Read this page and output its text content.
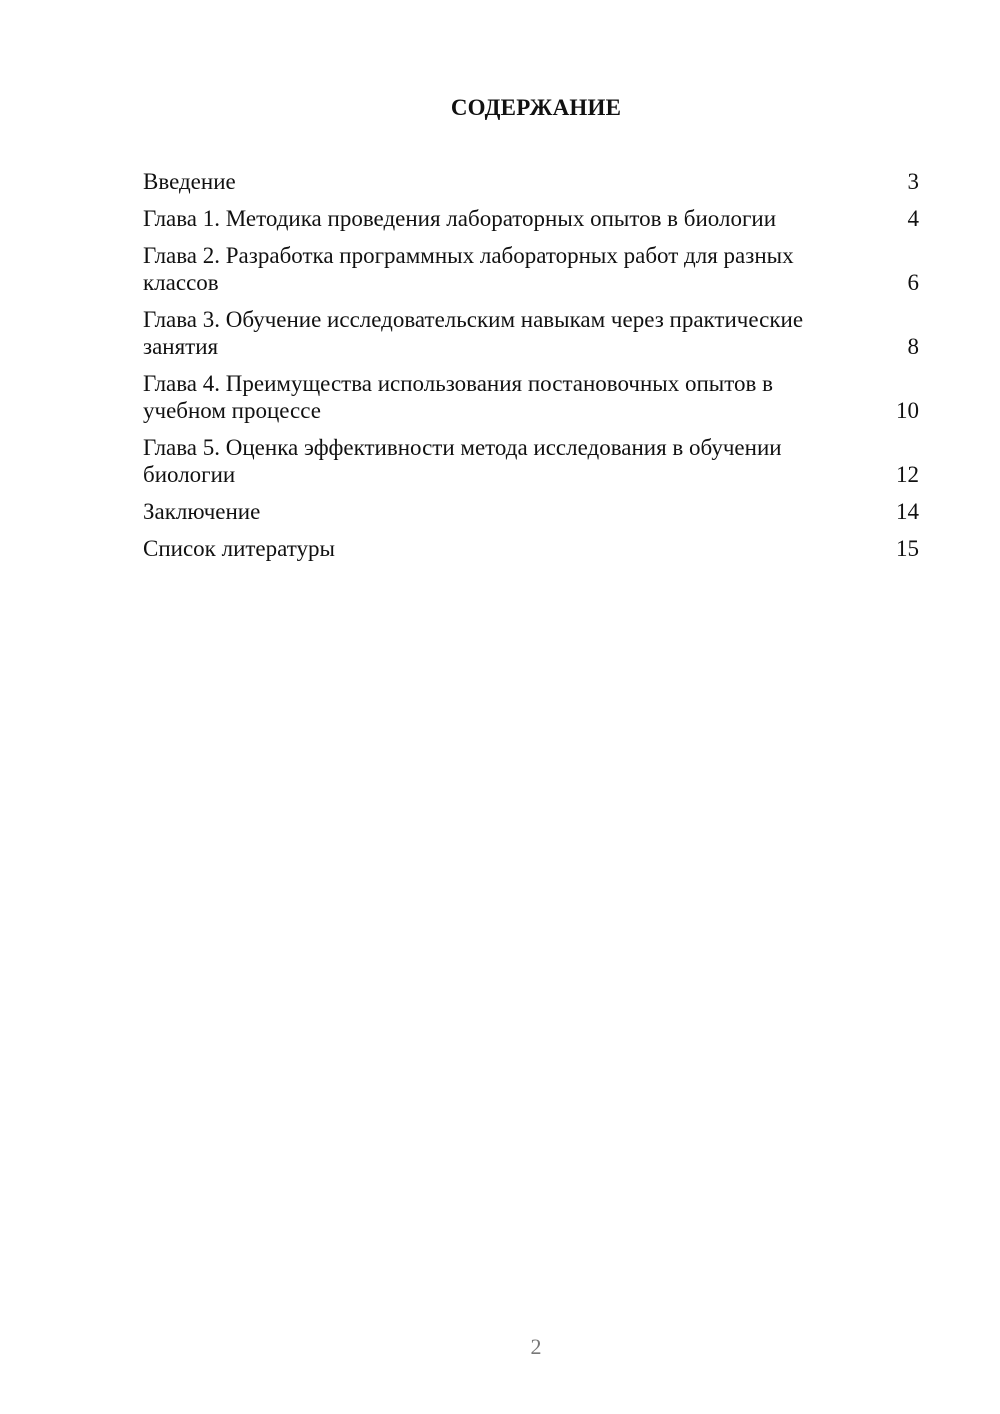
СОДЕРЖАНИЕ
Введение	3
Глава 1. Методика проведения лабораторных опытов в биологии	4
Глава 2. Разработка программных лабораторных работ для разных классов	6
Глава 3. Обучение исследовательским навыкам через практические занятия	8
Глава 4. Преимущества использования постановочных опытов в учебном процессе	10
Глава 5. Оценка эффективности метода исследования в обучении биологии	12
Заключение	14
Список литературы	15
2
